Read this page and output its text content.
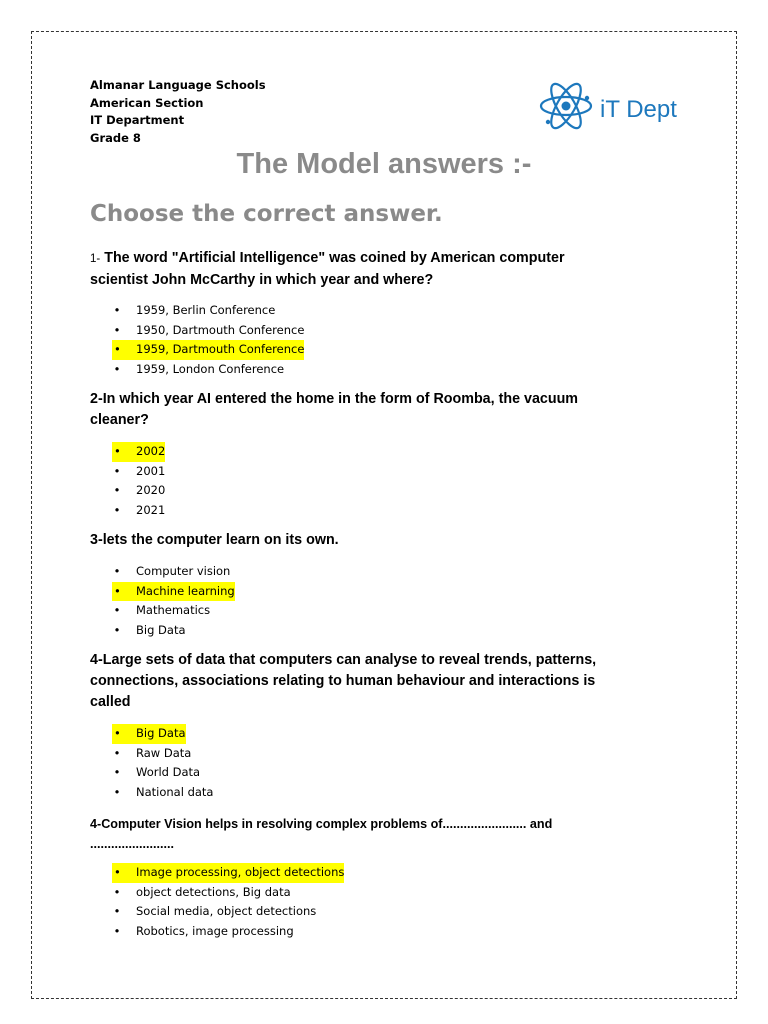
Almanar Language Schools
American Section
IT Department
Grade 8
iT Dept
The Model answers :-
Choose the correct answer.

1- The word "Artificial Intelligence" was coined by American computer
scientist John McCarthy in which year and where?

• 1959, Berlin Conference
• 1950, Dartmouth Conference
•	1959, Dartmouth Conference
• 1959, London Conference

2-In which year AI entered the home in the form of Roomba, the vacuum
cleaner?

•	2002
• 2001
• 2020
• 2021

3-lets the computer learn on its own.

• Computer vision
•	Machine learning
• Mathematics
• Big Data

4-Large sets of data that computers can analyse to reveal trends, patterns,
connections, associations relating to human behaviour and interactions is
called

•	Big Data
• Raw Data
• World Data
• National data

4-Computer Vision helps in resolving complex problems of........................ and
........................

•	Image processing, object detections
• object detections, Big data
• Social media, object detections
• Robotics, image processing
